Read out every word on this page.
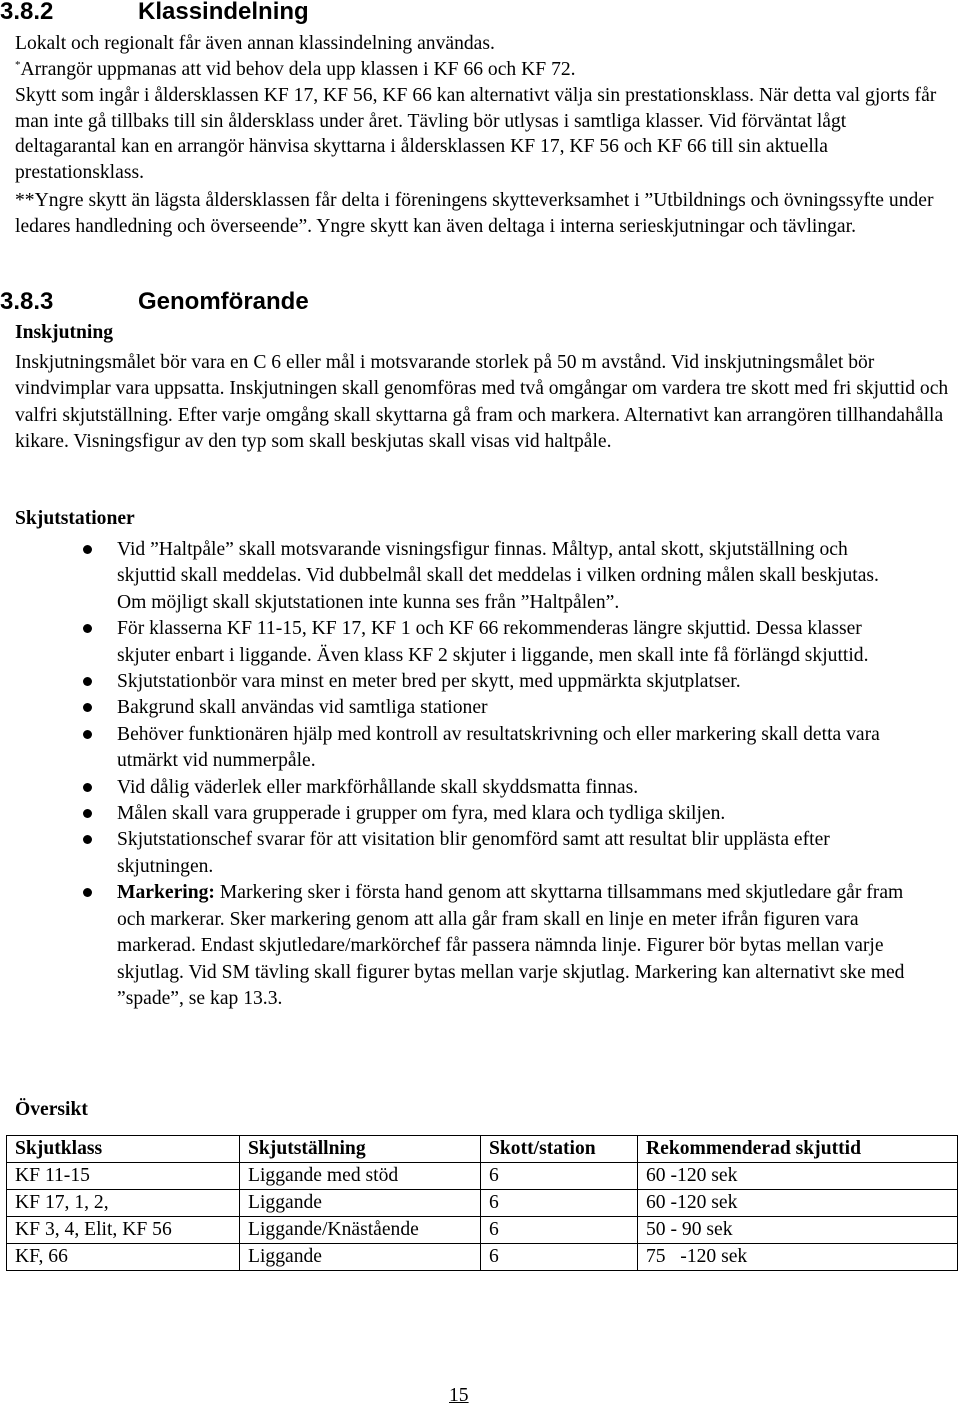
3.8.2	Klassindelning
Lokalt och regionalt får även annan klassindelning användas.
*Arrangör uppmanas att vid behov dela upp klassen i KF 66 och KF 72.
Skytt som ingår i åldersklassen KF 17, KF 56, KF 66 kan alternativt välja sin prestationsklass. När detta val gjorts får man inte gå tillbaks till sin åldersklass under året. Tävling bör utlysas i samtliga klasser. Vid förväntat lågt deltagarantal kan en arrangör hänvisa skyttarna i åldersklassen KF 17, KF 56 och KF 66 till sin aktuella prestationsklass.
**Yngre skytt än lägsta åldersklassen får delta i föreningens skytteverksamhet i ”Utbildnings och övningssyfte under ledares handledning och överseende”. Yngre skytt kan även deltaga i interna serieskjutningar och tävlingar.
3.8.3	Genomförande
Inskjutning
Inskjutningsmålet bör vara en C 6 eller mål i motsvarande storlek på 50 m avstånd. Vid inskjutningsmålet bör vindvimplar vara uppsatta. Inskjutningen skall genomföras med två omgångar om vardera tre skott med fri skjuttid och valfri skjutställning. Efter varje omgång skall skyttarna gå fram och markera. Alternativt kan arrangören tillhandahålla kikare. Visningsfigur av den typ som skall beskjutas skall visas vid haltpåle.
Skjutstationer
Vid ”Haltpåle” skall motsvarande visningsfigur finnas. Måltyp, antal skott, skjutställning och skjuttid skall meddelas. Vid dubbelmål skall det meddelas i vilken ordning målen skall beskjutas. Om möjligt skall skjutstationen inte kunna ses från ”Haltpålen”.
För klasserna KF 11-15, KF 17, KF 1 och KF 66 rekommenderas längre skjuttid. Dessa klasser skjuter enbart i liggande. Även klass KF 2 skjuter i liggande, men skall inte få förlängd skjuttid.
Skjutstationbör vara minst en meter bred per skytt, med uppmärkta skjutplatser.
Bakgrund skall användas vid samtliga stationer
Behöver funktionären hjälp med kontroll av resultatskrivning och eller markering skall detta vara utmärkt vid nummerpåle.
Vid dålig väderlek eller markförhållande skall skyddsmatta finnas.
Målen skall vara grupperade i grupper om fyra, med klara och tydliga skiljen.
Skjutstationschef svarar för att visitation blir genomförd samt att resultat blir upplästa efter skjutningen.
Markering: Markering sker i första hand genom att skyttarna tillsammans med skjutledare går fram och markerar. Sker markering genom att alla går fram skall en linje en meter ifrån figuren vara markerad. Endast skjutledare/markörchef får passera nämnda linje. Figurer bör bytas mellan varje skjutlag. Vid SM tävling skall figurer bytas mellan varje skjutlag. Markering kan alternativt ske med ”spade”, se kap 13.3.
Översikt
Skjutklass	Skjutställning	Skott/station	Rekommenderad skjuttid
KF 11-15	Liggande med stöd	6	60 -120 sek
KF 17, 1, 2,	Liggande	6	60 -120 sek
KF 3, 4, Elit, KF 56	Liggande/Knästående	6	50 - 90 sek
KF, 66	Liggande	6	75   -120 sek
15
